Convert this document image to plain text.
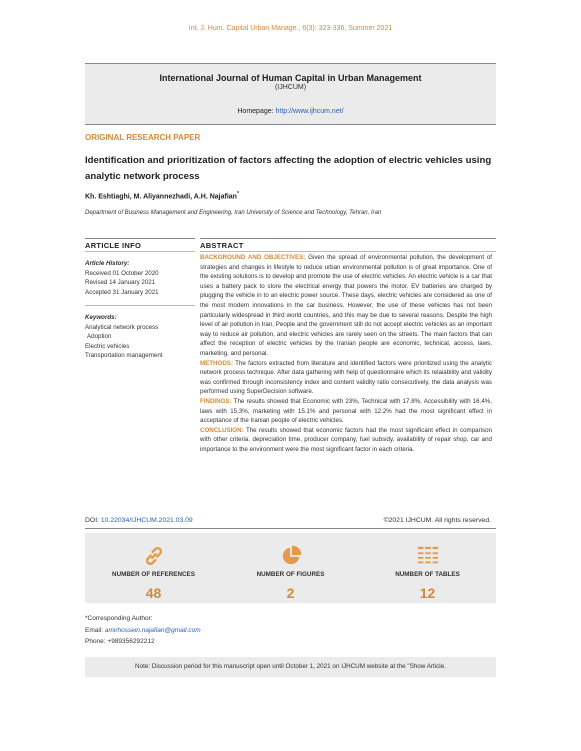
Int. J. Hum. Capital Urban Manage., 6(3): 323-336, Summer 2021
International Journal of Human Capital in Urban Management
(IJHCUM)
Homepage: http://www.ijhcum.net/
ORIGINAL RESEARCH PAPER
Identification and prioritization of factors affecting the adoption of electric vehicles using analytic network process
Kh. Eshtiaghi, M. Aliyannezhadi, A.H. Najafian*
Department of Business Management and Engineering, Iran University of Science and Technology, Tehran, Iran
ARTICLE INFO	ABSTRACT
Article History:
Received 01 October 2020
Revised 14 January 2021
Accepted 31 January 2021
Keywords:
Analytical network process
Adoption
Electric vehicles
Transportation management

BACKGROUND AND OBJECTIVES: Given the spread of environmental pollution, the development of strategies and changes in lifestyle to reduce urban environmental pollution is of great importance. One of the existing solutions is to develop and promote the use of electric vehicles. An electric vehicle is a car that uses a battery pack to store the electrical energy that powers the motor. EV batteries are charged by plugging the vehicle in to an electric power source. These days, electric vehicles are considered as one of the most modern innovations in the car business. However, the use of these vehicles has not been particularly widespread in third world countries, and this may be due to several reasons. Despite the high level of air pollution in Iran, People and the government still do not accept electric vehicles as an important way to reduce air pollution, and electric vehicles are rarely seen on the streets. The main factors that can affect the reception of electric vehicles by the Iranian people are economic, technical, access, laws, marketing, and personal.

METHODS: The factors extracted from literature and identified factors were prioritized using the analytic network process technique. After data gathering with help of questionnaire which its relaiability and validity was confirmed through inconsistency index and content validity ratio consecutively, the data analysis was performed using SuperDecision software.

FINDINGS: The results showed that Economic with 23%, Technical with 17.8%, Accessibility with 16.4%, laws with 15.3%, marketing with 15.1% and personal with 12.2% had the most significant effect in acceptance of the Iranian people of electric vehicles.

CONCLUSION: The results showed that economic factors had the most significant effect in comparison with other criteria. depreciation time, producer company, fuel subsidy, availability of repair shop, car and importance to the environment were the most significant factor in each criteria.

DOI: 10.22034/IJHCUM.2021.03.09	©2021 IJHCUM. All rights reserved.
NUMBER OF REFERENCES
48
NUMBER OF FIGURES
2
NUMBER OF TABLES
12
*Corresponding Author:
Email: amirhossein.najafian@gmail.com
Phone: +989356292212
Note: Discussion period for this manuscript open until October 1, 2021 on IJHCUM website at the "Show Article.
